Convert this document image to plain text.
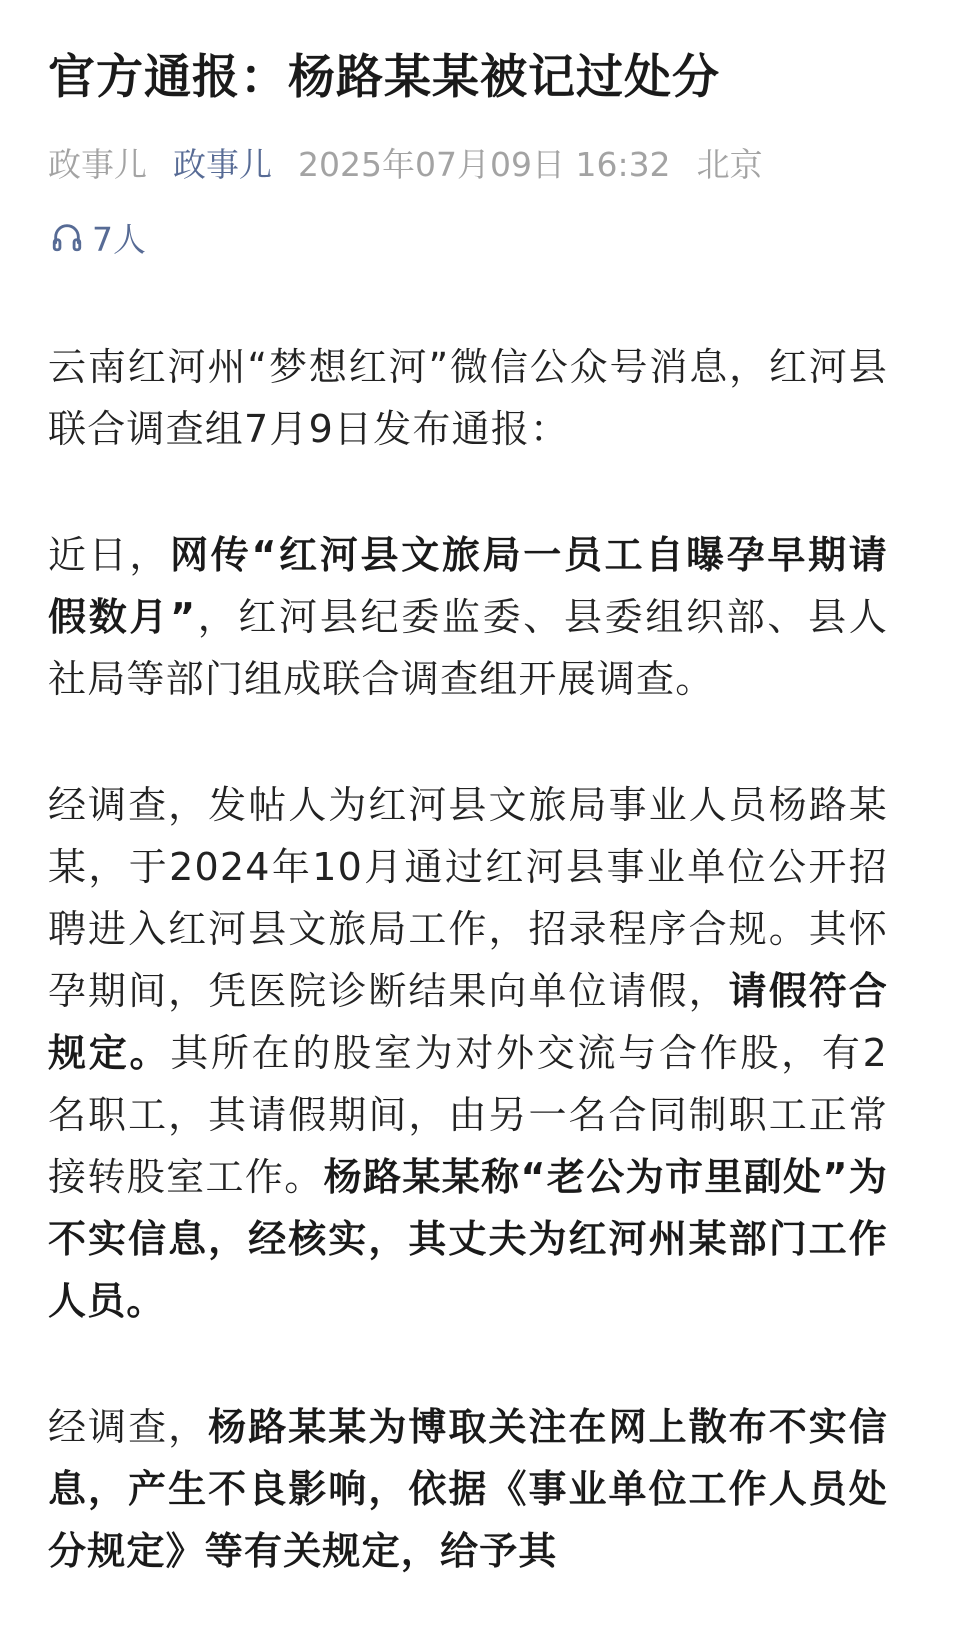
官方通报：杨路某某被记过处分
政事儿 政事儿 2025年07月09日 16:32 北京
7人

云南红河州“梦想红河”微信公众号消息，红河县联合调查组7月9日发布通报：

近日，网传“红河县文旅局一员工自曝孕早期请假数月”，红河县纪委监委、县委组织部、县人社局等部门组成联合调查组开展调查。

经调查，发帖人为红河县文旅局事业人员杨路某某，于2024年10月通过红河县事业单位公开招聘进入红河县文旅局工作，招录程序合规。其怀孕期间，凭医院诊断结果向单位请假，请假符合规定。其所在的股室为对外交流与合作股，有2名职工，其请假期间，由另一名合同制职工正常接转股室工作。杨路某某称“老公为市里副处”为不实信息，经核实，其丈夫为红河州某部门工作人员。

经调查，杨路某某为博取关注在网上散布不实信息，产生不良影响，依据《事业单位工作人员处分规定》等有关规定，给予其
